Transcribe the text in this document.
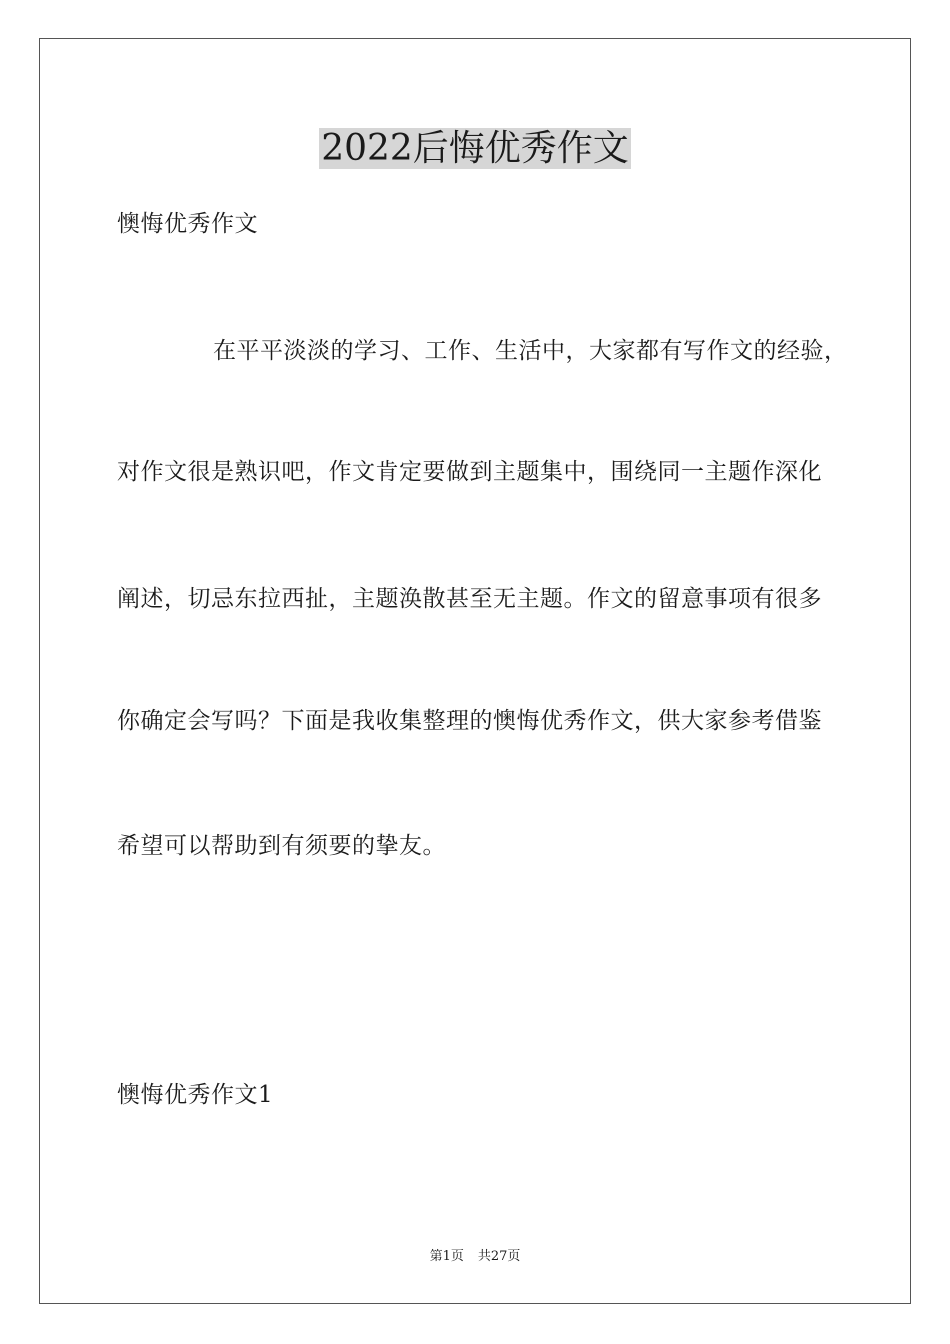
2022后悔优秀作文
懊悔优秀作文
在平平淡淡的学习、工作、生活中，大家都有写作文的经验，
对作文很是熟识吧，作文肯定要做到主题集中，围绕同一主题作深化
阐述，切忌东拉西扯，主题涣散甚至无主题。作文的留意事项有很多
你确定会写吗？下面是我收集整理的懊悔优秀作文，供大家参考借鉴
希望可以帮助到有须要的挚友。
懊悔优秀作文1
第1页 共27页
